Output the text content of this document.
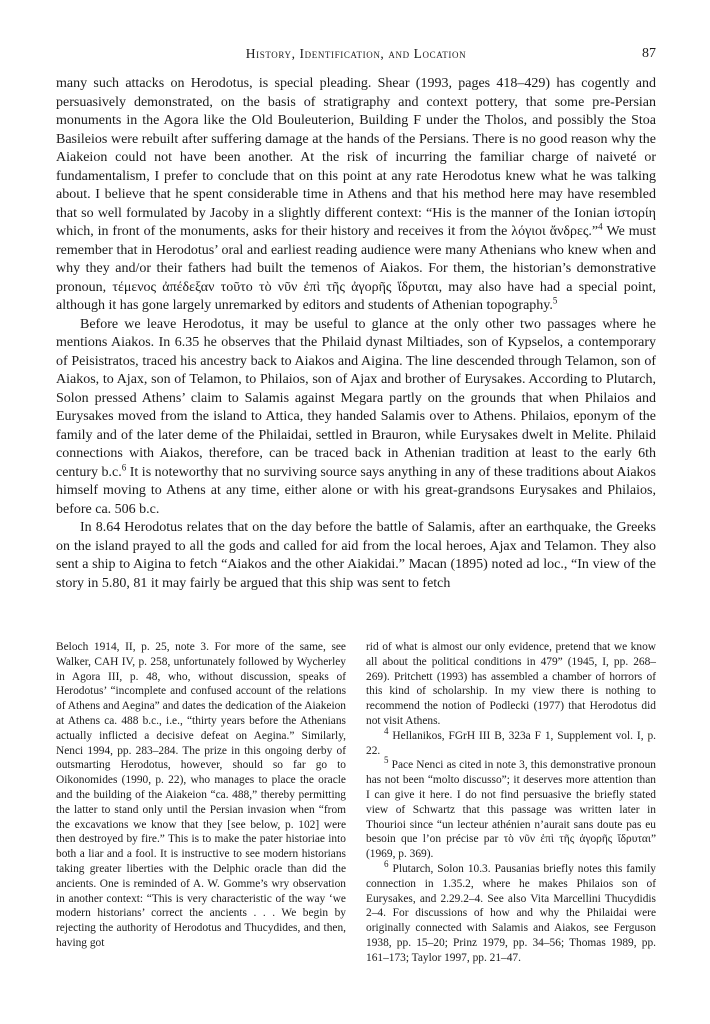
History, Identification, and Location	87

many such attacks on Herodotus, is special pleading. Shear (1993, pages 418–429) has cogently and persuasively demonstrated, on the basis of stratigraphy and context pottery, that some pre-Persian monuments in the Agora like the Old Bouleuterion, Building F under the Tholos, and possibly the Stoa Basileios were rebuilt after suffering damage at the hands of the Persians. There is no good reason why the Aiakeion could not have been another. At the risk of incurring the familiar charge of naiveté or fundamentalism, I prefer to conclude that on this point at any rate Herodotus knew what he was talking about. I believe that he spent considerable time in Athens and that his method here may have resembled that so well formulated by Jacoby in a slightly different context: “His is the manner of the Ionian ἱστορίη which, in front of the monuments, asks for their history and receives it from the λόγιοι ἄνδρες.”$^4$ We must remember that in Herodotus’ oral and earliest reading audience were many Athenians who knew when and why they and/or their fathers had built the temenos of Aiakos. For them, the historian’s demonstrative pronoun, τέμενος ἀπέδεξαν τοῦτο τὸ νῦν ἐπὶ τῆς ἀγορῆς ἵδρυται, may also have had a special point, although it has gone largely unremarked by editors and students of Athenian topography.$^5$

Before we leave Herodotus, it may be useful to glance at the only other two passages where he mentions Aiakos. In 6.35 he observes that the Philaid dynast Miltiades, son of Kypselos, a contemporary of Peisistratos, traced his ancestry back to Aiakos and Aigina. The line descended through Telamon, son of Aiakos, to Ajax, son of Telamon, to Philaios, son of Ajax and brother of Eurysakes. According to Plutarch, Solon pressed Athens’ claim to Salamis against Megara partly on the grounds that when Philaios and Eurysakes moved from the island to Attica, they handed Salamis over to Athens. Philaios, eponym of the family and of the later deme of the Philaidai, settled in Brauron, while Eurysakes dwelt in Melite. Philaid connections with Aiakos, therefore, can be traced back in Athenian tradition at least to the early 6th century b.c.$^6$ It is noteworthy that no surviving source says anything in any of these traditions about Aiakos himself moving to Athens at any time, either alone or with his great-grandsons Eurysakes and Philaios, before ca. 506 b.c.

In 8.64 Herodotus relates that on the day before the battle of Salamis, after an earthquake, the Greeks on the island prayed to all the gods and called for aid from the local heroes, Ajax and Telamon. They also sent a ship to Aigina to fetch “Aiakos and the other Aiakidai.” Macan (1895) noted ad loc., “In view of the story in 5.80, 81 it may fairly be argued that this ship was sent to fetch

Beloch 1914, II, p. 25, note 3. For more of the same, see Walker, CAH IV, p. 258, unfortunately followed by Wycherley in Agora III, p. 48, who, without discussion, speaks of Herodotus’ “incomplete and confused account of the relations of Athens and Aegina” and dates the dedication of the Aiakeion at Athens ca. 488 b.c., i.e., “thirty years before the Athenians actually inflicted a decisive defeat on Aegina.” Similarly, Nenci 1994, pp. 283–284. The prize in this ongoing derby of outsmarting Herodotus, however, should so far go to Oikonomides (1990, p. 22), who manages to place the oracle and the building of the Aiakeion “ca. 488,” thereby permitting the latter to stand only until the Persian invasion when “from the excavations we know that they [see below, p. 102] were then destroyed by fire.” This is to make the pater historiae into both a liar and a fool. It is instructive to see modern historians taking greater liberties with the Delphic oracle than did the ancients. One is reminded of A. W. Gomme’s wry observation in another context: “This is very characteristic of the way ‘we modern historians’ correct the ancients . . . We begin by rejecting the authority of Herodotus and Thucydides, and then, having got

rid of what is almost our only evidence, pretend that we know all about the political conditions in 479” (1945, I, pp. 268–269). Pritchett (1993) has assembled a chamber of horrors of this kind of scholarship. In my view there is nothing to recommend the notion of Podlecki (1977) that Herodotus did not visit Athens.

$^4$ Hellanikos, FGrH III B, 323a F 1, Supplement vol. I, p. 22.

$^5$ Pace Nenci as cited in note 3, this demonstrative pronoun has not been “molto discusso”; it deserves more attention than I can give it here. I do not find persuasive the briefly stated view of Schwartz that this passage was written later in Thourioi since “un lecteur athénien n’aurait sans doute pas eu besoin que l’on précise par τὸ νῦν ἐπὶ τῆς ἀγορῆς ἵδρυται” (1969, p. 369).

$^6$ Plutarch, Solon 10.3. Pausanias briefly notes this family connection in 1.35.2, where he makes Philaios son of Eurysakes, and 2.29.2–4. See also Vita Marcellini Thucydidis 2–4. For discussions of how and why the Philaidai were originally connected with Salamis and Aiakos, see Ferguson 1938, pp. 15–20; Prinz 1979, pp. 34–56; Thomas 1989, pp. 161–173; Taylor 1997, pp. 21–47.
